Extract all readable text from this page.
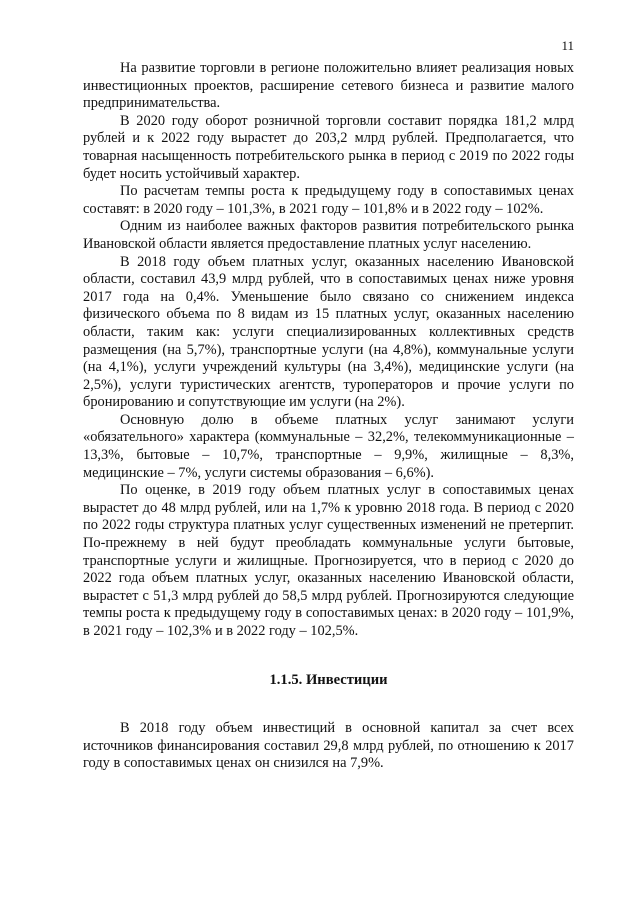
11

На развитие торговли в регионе положительно влияет реализация новых инвестиционных проектов, расширение сетевого бизнеса и развитие малого предпринимательства.

В 2020 году оборот розничной торговли составит порядка 181,2 млрд рублей и к 2022 году вырастет до 203,2 млрд рублей. Предполагается, что товарная насыщенность потребительского рынка в период с 2019 по 2022 годы будет носить устойчивый характер.

По расчетам темпы роста к предыдущему году в сопоставимых ценах составят: в 2020 году – 101,3%, в 2021 году – 101,8% и в 2022 году – 102%.

Одним из наиболее важных факторов развития потребительского рынка Ивановской области является предоставление платных услуг населению.

В 2018 году объем платных услуг, оказанных населению Ивановской области, составил 43,9 млрд рублей, что в сопоставимых ценах ниже уровня 2017 года на 0,4%. Уменьшение было связано со снижением индекса физического объема по 8 видам из 15 платных услуг, оказанных населению области, таким как: услуги специализированных коллективных средств размещения (на 5,7%), транспортные услуги (на 4,8%), коммунальные услуги (на 4,1%), услуги учреждений культуры (на 3,4%), медицинские услуги (на 2,5%), услуги туристических агентств, туроператоров и прочие услуги по бронированию и сопутствующие им услуги (на 2%).

Основную долю в объеме платных услуг занимают услуги «обязательного» характера (коммунальные – 32,2%, телекоммуникационные – 13,3%, бытовые – 10,7%, транспортные – 9,9%, жилищные – 8,3%, медицинские – 7%, услуги системы образования – 6,6%).

По оценке, в 2019 году объем платных услуг в сопоставимых ценах вырастет до 48 млрд рублей, или на 1,7% к уровню 2018 года. В период с 2020 по 2022 годы структура платных услуг существенных изменений не претерпит. По-прежнему в ней будут преобладать коммунальные услуги бытовые, транспортные услуги и жилищные. Прогнозируется, что в период с 2020 до 2022 года объем платных услуг, оказанных населению Ивановской области, вырастет с 51,3 млрд рублей до 58,5 млрд рублей. Прогнозируются следующие темпы роста к предыдущему году в сопоставимых ценах: в 2020 году – 101,9%, в 2021 году – 102,3% и в 2022 году – 102,5%.

1.1.5. Инвестиции

В 2018 году объем инвестиций в основной капитал за счет всех источников финансирования составил 29,8 млрд рублей, по отношению к 2017 году в сопоставимых ценах он снизился на 7,9%.
